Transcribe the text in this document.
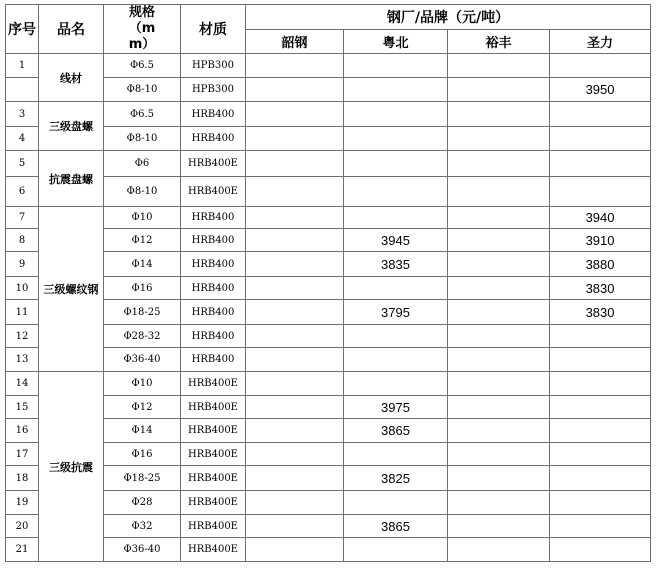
序号	品名	规格（mm）	材质	钢厂/品牌（元/吨）			
				韶钢	粤北	裕丰	圣力
1	线材	Φ6.5	HPB300				
		Φ8-10	HPB300				3950
3	三级盘螺	Φ6.5	HRB400				
4		Φ8-10	HRB400				
5	抗震盘螺	Φ6	HRB400E				
6		Φ8-10	HRB400E				
7	三级螺纹钢	Φ10	HRB400				3940
8		Φ12	HRB400		3945		3910
9		Φ14	HRB400		3835		3880
10		Φ16	HRB400				3830
11		Φ18-25	HRB400		3795		3830
12		Φ28-32	HRB400				
13		Φ36-40	HRB400				
14	三级抗震	Φ10	HRB400E				
15		Φ12	HRB400E		3975		
16		Φ14	HRB400E		3865		
17		Φ16	HRB400E				
18		Φ18-25	HRB400E		3825		
19		Φ28	HRB400E				
20		Φ32	HRB400E		3865		
21		Φ36-40	HRB400E				
